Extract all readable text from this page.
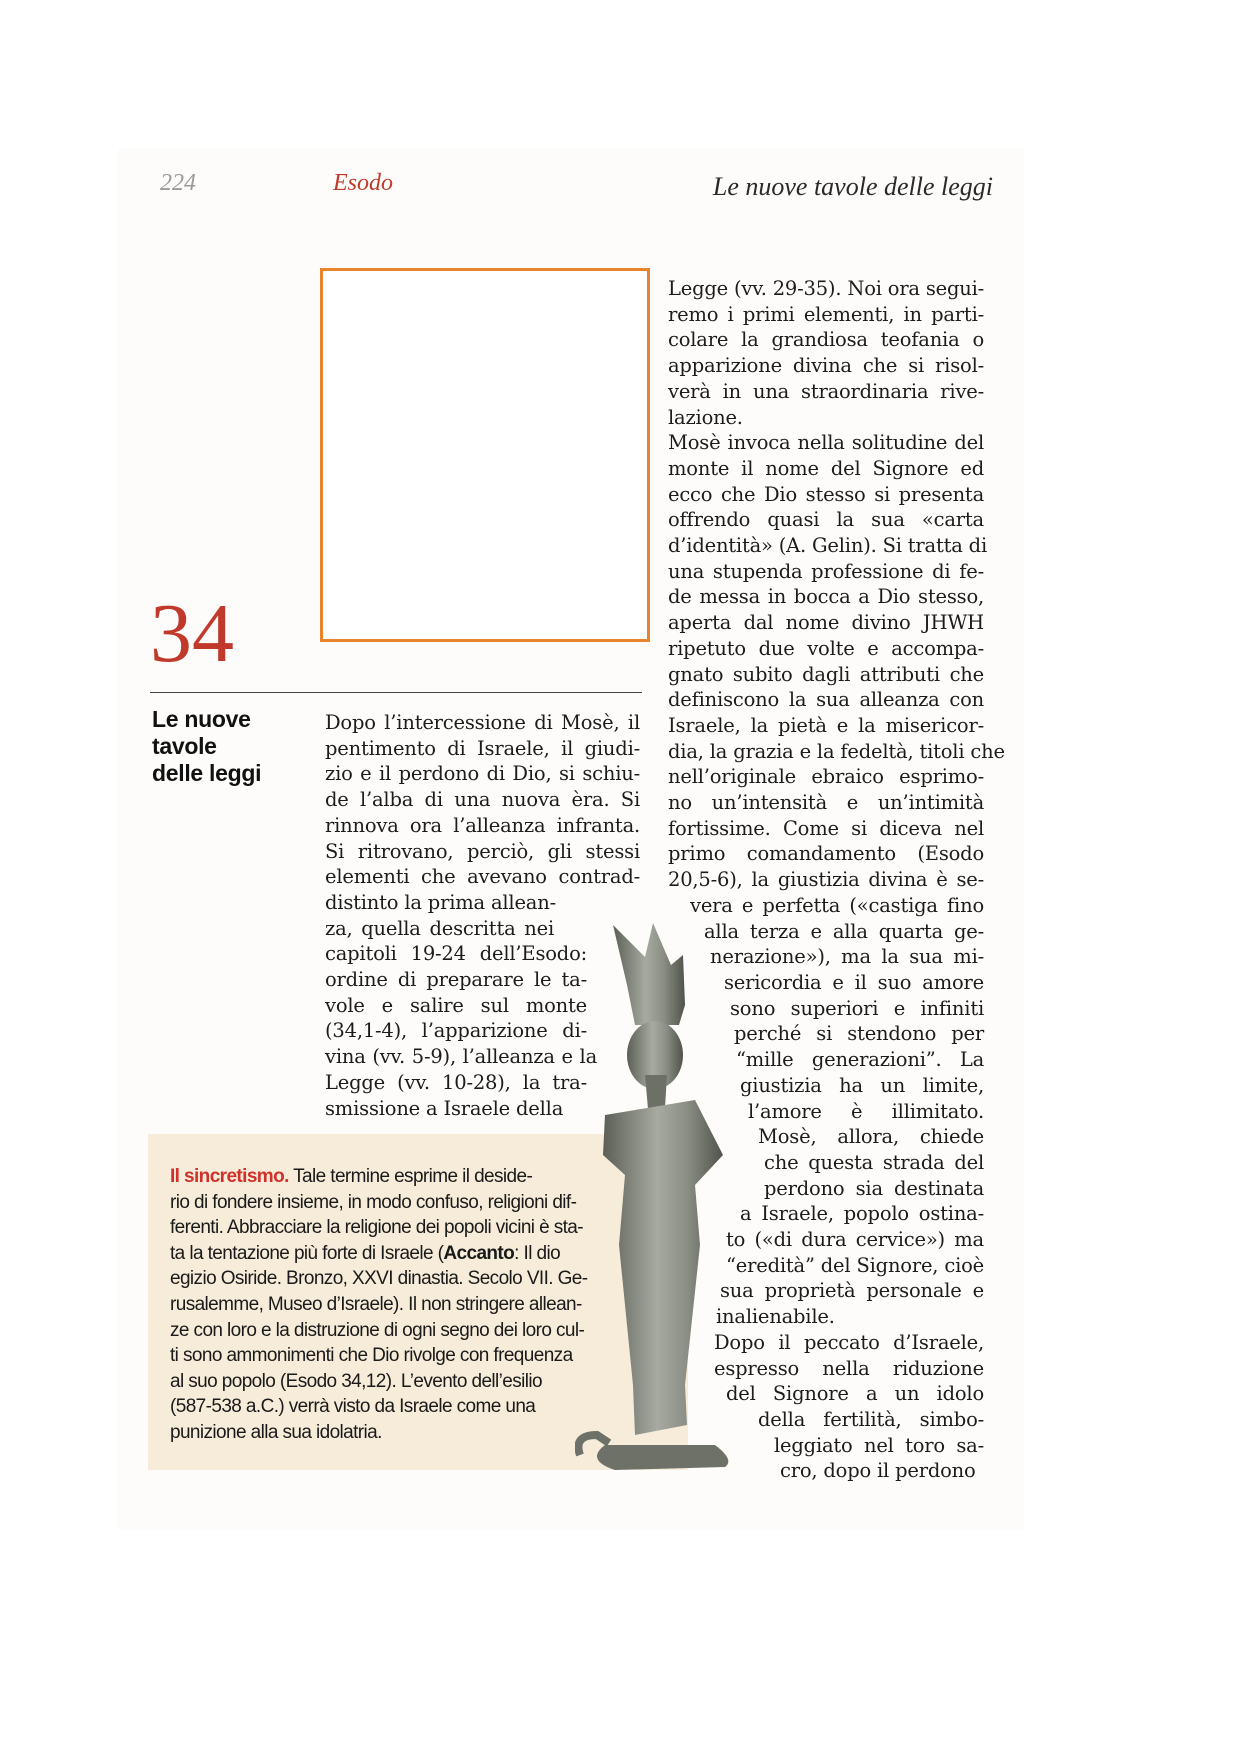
224	Esodo	Le nuove tavole delle leggi
34
Le nuove
tavole
delle leggi
Dopo l’intercessione di Mosè, il
pentimento di Israele, il giudi-
zio e il perdono di Dio, si schiu-
de l’alba di una nuova èra. Si
rinnova ora l’alleanza infranta.
Si ritrovano, perciò, gli stessi
elementi che avevano contrad-
distinto la prima allean-
za, quella descritta nei
capitoli 19-24 dell’Esodo:
ordine di preparare le ta-
vole e salire sul monte
(34,1-4), l’apparizione di-
vina (vv. 5-9), l’alleanza e la
Legge (vv. 10-28), la tra-
smissione a Israele della
Legge (vv. 29-35). Noi ora segui-
remo i primi elementi, in parti-
colare la grandiosa teofania o
apparizione divina che si risol-
verà in una straordinaria rive-
lazione.
Mosè invoca nella solitudine del
monte il nome del Signore ed
ecco che Dio stesso si presenta
offrendo quasi la sua «carta
d’identità» (A. Gelin). Si tratta di
una stupenda professione di fe-
de messa in bocca a Dio stesso,
aperta dal nome divino JHWH
ripetuto due volte e accompa-
gnato subito dagli attributi che
definiscono la sua alleanza con
Israele, la pietà e la misericor-
dia, la grazia e la fedeltà, titoli che
nell’originale ebraico esprimo-
no un’intensità e un’intimità
fortissime. Come si diceva nel
primo comandamento (Esodo
20,5-6), la giustizia divina è se-
vera e perfetta («castiga fino
alla terza e alla quarta ge-
nerazione»), ma la sua mi-
sericordia e il suo amore
sono superiori e infiniti
perché si stendono per
“mille generazioni”. La
giustizia ha un limite,
l’amore è illimitato.
Mosè, allora, chiede
che questa strada del
perdono sia destinata
a Israele, popolo ostina-
to («di dura cervice») ma
“eredità” del Signore, cioè
sua proprietà personale e
inalienabile.
Dopo il peccato d’Israele,
espresso nella riduzione
del Signore a un idolo
della fertilità, simbo-
leggiato nel toro sa-
cro, dopo il perdono
Il sincretismo. Tale termine esprime il deside-
rio di fondere insieme, in modo confuso, religioni dif-
ferenti. Abbracciare la religione dei popoli vicini è sta-
ta la tentazione più forte di Israele (Accanto: Il dio
egizio Osiride. Bronzo, XXVI dinastia. Secolo VII. Ge-
rusalemme, Museo d’Israele). Il non stringere allean-
ze con loro e la distruzione di ogni segno dei loro cul-
ti sono ammonimenti che Dio rivolge con frequenza
al suo popolo (Esodo 34,12). L’evento dell’esilio
(587-538 a.C.) verrà visto da Israele come una
punizione alla sua idolatria.
